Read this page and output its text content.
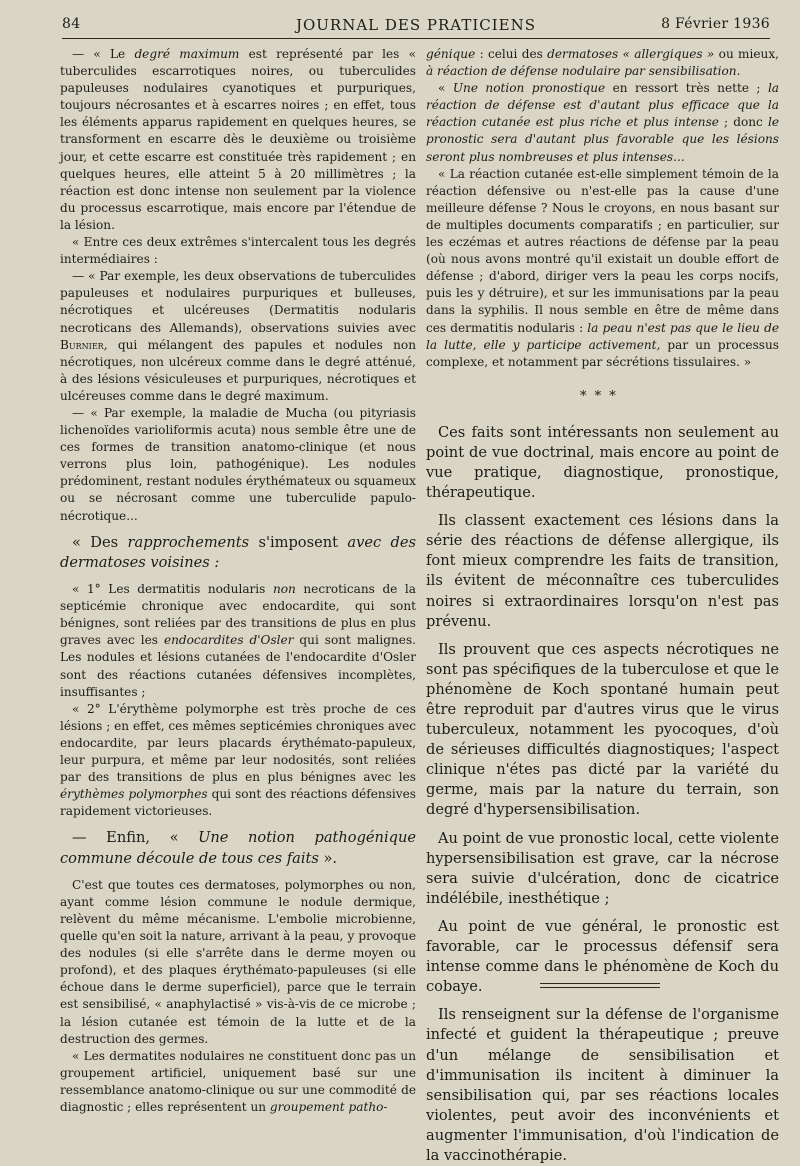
84	JOURNAL DES PRATICIENS	8 Février 1936

— « Le degré maximum est représenté par les « tuberculides escarrotiques noires, ou tuberculides papuleuses nodulaires cyanotiques et purpuriques, toujours nécrosantes et à escarres noires ; en effet, tous les éléments apparus rapidement en quelques heures, se transforment en escarre dès le deuxième ou troisième jour, et cette escarre est constituée très rapidement ; en quelques heures, elle atteint 5 à 20 millimètres ; la réaction est donc intense non seulement par la violence du processus escarrotique, mais encore par l'étendue de la lésion.

« Entre ces deux extrêmes s'intercalent tous les degrés intermédiaires :

— « Par exemple, les deux observations de tuberculides papuleuses et nodulaires purpuriques et bulleuses, nécrotiques et ulcéreuses (Dermatitis nodularis necroticans des Allemands), observations suivies avec Burnier, qui mélangent des papules et nodules non nécrotiques, non ulcéreux comme dans le degré atténué, à des lésions vésiculeuses et purpuriques, nécrotiques et ulcéreuses comme dans le degré maximum.

— « Par exemple, la maladie de Mucha (ou pityriasis lichenoïdes varioliformis acuta) nous semble être une de ces formes de transition anatomo-clinique (et nous verrons plus loin, pathogénique). Les nodules prédominent, restant nodules érythémateux ou squameux ou se nécrosant comme une tuberculide papulo-nécrotique...

« Des rapprochements s'imposent avec des dermatoses voisines :

« 1° Les dermatitis nodularis non necroticans de la septicémie chronique avec endocardite, qui sont bénignes, sont reliées par des transitions de plus en plus graves avec les endocardites d'Osler qui sont malignes. Les nodules et lésions cutanées de l'endocardite d'Osler sont des réactions cutanées défensives incomplètes, insuffisantes ;

« 2° L'érythème polymorphe est très proche de ces lésions ; en effet, ces mêmes septicémies chroniques avec endocardite, par leurs placards érythémato-papuleux, leur purpura, et même par leur nodosités, sont reliées par des transitions de plus en plus bénignes avec les érythèmes polymorphes qui sont des réactions défensives rapidement victorieuses.

— Enfin, « Une notion pathogénique commune découle de tous ces faits ».

C'est que toutes ces dermatoses, polymorphes ou non, ayant comme lésion commune le nodule dermique, relèvent du même mécanisme. L'embolie microbienne, quelle qu'en soit la nature, arrivant à la peau, y provoque des nodules (si elle s'arrête dans le derme moyen ou profond), et des plaques érythémato-papuleuses (si elle échoue dans le derme superficiel), parce que le terrain est sensibilisé, « anaphylactisé » vis-à-vis de ce microbe ; la lésion cutanée est témoin de la lutte et de la destruction des germes.

« Les dermatites nodulaires ne constituent donc pas un groupement artificiel, uniquement basé sur une ressemblance anatomo-clinique ou sur une commodité de diagnostic ; elles représentent un groupement patho-

génique : celui des dermatoses « allergiques » ou mieux, à réaction de défense nodulaire par sensibilisation.

« Une notion pronostique en ressort très nette ; la réaction de défense est d'autant plus efficace que la réaction cutanée est plus riche et plus intense ; donc le pronostic sera d'autant plus favorable que les lésions seront plus nombreuses et plus intenses...

« La réaction cutanée est-elle simplement témoin de la réaction défensive ou n'est-elle pas la cause d'une meilleure défense ? Nous le croyons, en nous basant sur de multiples documents comparatifs ; en particulier, sur les eczémas et autres réactions de défense par la peau (où nous avons montré qu'il existait un double effort de défense ; d'abord, diriger vers la peau les corps nocifs, puis les y détruire), et sur les immunisations par la peau dans la syphilis. Il nous semble en être de même dans ces dermatitis nodularis : la peau n'est pas que le lieu de la lutte, elle y participe activement, par un processus complexe, et notamment par sécrétions tissulaires. »

* * *

Ces faits sont intéressants non seulement au point de vue doctrinal, mais encore au point de vue pratique, diagnostique, pronostique, thérapeutique.

Ils classent exactement ces lésions dans la série des réactions de défense allergique, ils font mieux comprendre les faits de transition, ils évitent de méconnaître ces tuberculides noires si extraordinaires lorsqu'on n'est pas prévenu.

Ils prouvent que ces aspects nécrotiques ne sont pas spécifiques de la tuberculose et que le phénomène de Koch spontané humain peut être reproduit par d'autres virus que le virus tuberculeux, notamment les pyocoques, d'où de sérieuses difficultés diagnostiques; l'aspect clinique n'étes pas dicté par la variété du germe, mais par la nature du terrain, son degré d'hypersensibilisation.

Au point de vue pronostic local, cette violente hypersensibilisation est grave, car la nécrose sera suivie d'ulcération, donc de cicatrice indélébile, inesthétique ;

Au point de vue général, le pronostic est favorable, car le processus défensif sera intense comme dans le phénomène de Koch du cobaye.

Ils renseignent sur la défense de l'organisme infecté et guident la thérapeutique ; preuve d'un mélange de sensibilisation et d'immunisation ils incitent à diminuer la sensibilisation qui, par ses réactions locales violentes, peut avoir des inconvénients et augmenter l'immunisation, d'où l'indication de la vaccinothérapie.
